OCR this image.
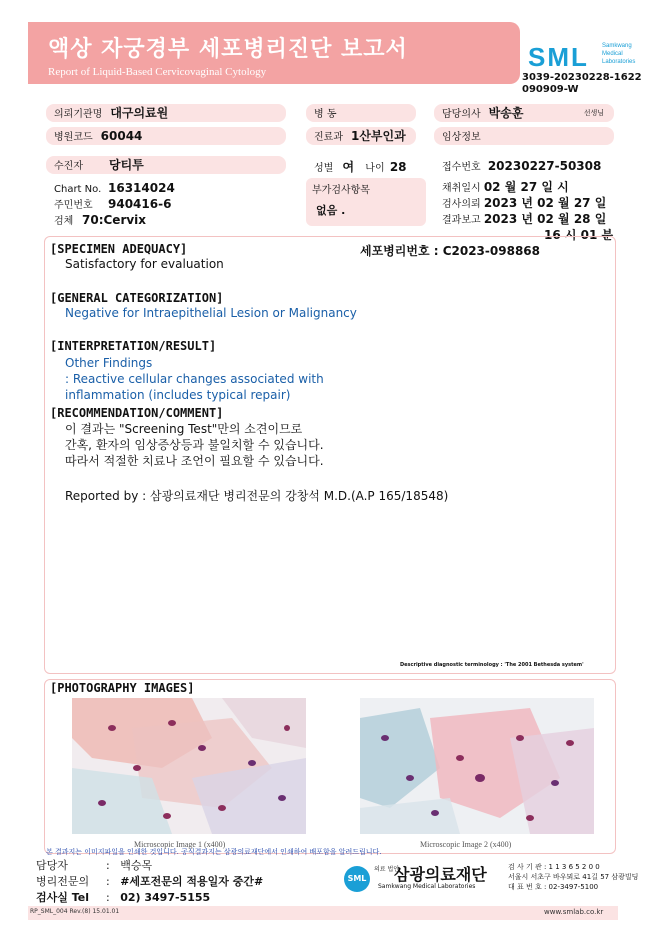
액상 자궁경부 세포병리진단 보고서
Report of Liquid-Based Cervicovaginal Cytology	SML Samkwang
Medical
Laboratories
3039-20230228-1622
090909-W
의뢰기관명 대구의료원	병 동	담당의사 박송훈	선생님
병원코드 60044	진료과 1산부인과	임상정보
수진자 당티투	성별 여 나이 28	접수번호 20230227-50308
Chart No. 16314024
주민번호 940416-6
검체 70:Cervix
부가검사항목
없음 .
채취일시 02 월 27 일 시
검사의뢰 2023 년 02 월 27 일
결과보고 2023 년 02 월 28 일
16 시 01 분
[SPECIMEN ADEQUACY]	세포병리번호 : C2023-098868
Satisfactory for evaluation
[GENERAL CATEGORIZATION]
Negative for Intraepithelial Lesion or Malignancy
[INTERPRETATION/RESULT]
Other Findings
: Reactive cellular changes associated with
inflammation (includes typical repair)
[RECOMMENDATION/COMMENT]
이 결과는 "Screening Test"만의 소견이므로
간혹, 환자의 임상증상등과 불일치할 수 있습니다.
따라서 적절한 치료나 조언이 필요할 수 있습니다.
Reported by : 삼광의료재단 병리전문의 강창석 M.D.(A.P 165/18548)
Descriptive diagnostic terminology : 'The 2001 Bethesda system'
[PHOTOGRAPHY IMAGES]
Microscopic Image 1 (x400)	Microscopic Image 2 (x400)
본 결과지는 이미지파일을 인쇄한 것입니다. 공식결과지는 삼광의료재단에서 인쇄하여 배포함을 알려드립니다.
담당자	:   백승목
병리전문의 :   #세포전문의 적용일자 중간#
검사실 Tel :   02) 3497-5155
SML
의료 법인
삼광의료재단
Samkwang Medical Laboratories
검 사 기 관 : 1 1 3 6 5 2 0 0
서울시 서초구 바우뫼로 41길 57 삼광빌딩
대 표 번 호 : 02-3497-5100
RP_SML_004 Rev.(8) 15.01.01	www.smlab.co.kr
